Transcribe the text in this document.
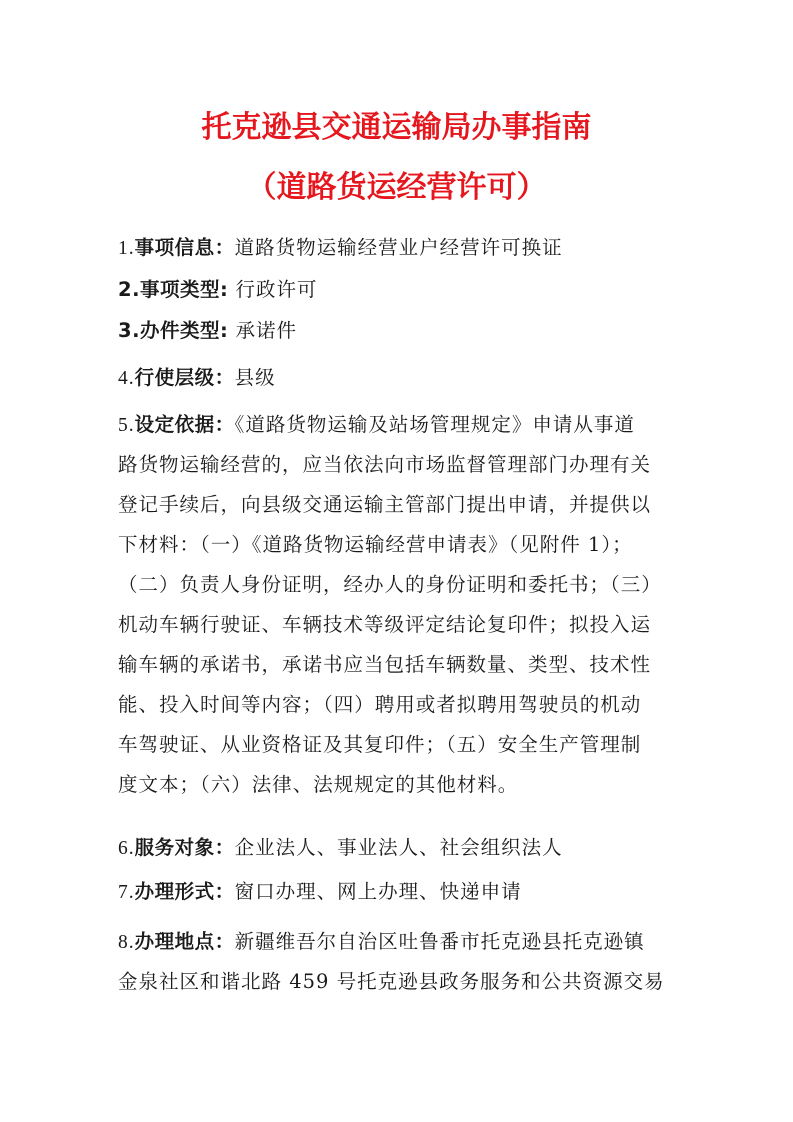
托克逊县交通运输局办事指南
（道路货运经营许可）
1.事项信息：道路货物运输经营业户经营许可换证
2.事项类型: 行政许可
3.办件类型: 承诺件
4.行使层级：县级
5.设定依据：《道路货物运输及站场管理规定》申请从事道
路货物运输经营的，应当依法向市场监督管理部门办理有关
登记手续后，向县级交通运输主管部门提出申请，并提供以
下材料：（一）《道路货物运输经营申请表》（见附件 1）；
（二）负责人身份证明，经办人的身份证明和委托书；（三）
机动车辆行驶证、车辆技术等级评定结论复印件；拟投入运
输车辆的承诺书，承诺书应当包括车辆数量、类型、技术性
能、投入时间等内容；（四）聘用或者拟聘用驾驶员的机动
车驾驶证、从业资格证及其复印件；（五）安全生产管理制
度文本；（六）法律、法规规定的其他材料。
6.服务对象：企业法人、事业法人、社会组织法人
7.办理形式：窗口办理、网上办理、快递申请
8.办理地点：新疆维吾尔自治区吐鲁番市托克逊县托克逊镇
金泉社区和谐北路 459 号托克逊县政务服务和公共资源交易
